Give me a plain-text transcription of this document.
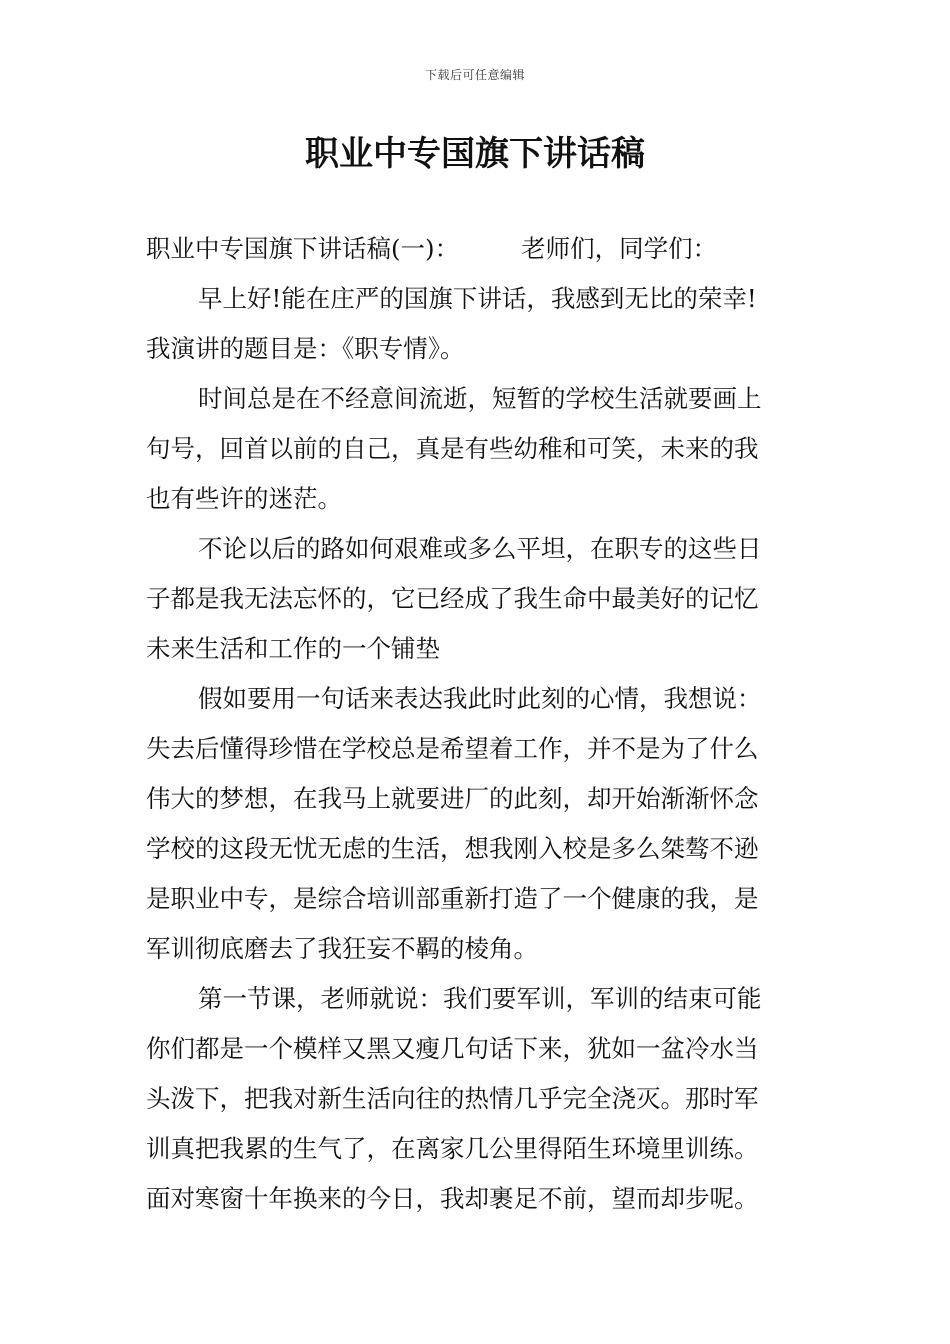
下载后可任意编辑
职业中专国旗下讲话稿
职业中专国旗下讲话稿(一)：	老师们，同学们：
早上好!能在庄严的国旗下讲话，我感到无比的荣幸!
我演讲的题目是：《职专情》。
时间总是在不经意间流逝，短暂的学校生活就要画上
句号，回首以前的自己，真是有些幼稚和可笑，未来的我
也有些许的迷茫。
不论以后的路如何艰难或多么平坦，在职专的这些日
子都是我无法忘怀的，它已经成了我生命中最美好的记忆
未来生活和工作的一个铺垫
假如要用一句话来表达我此时此刻的心情，我想说：
失去后懂得珍惜在学校总是希望着工作，并不是为了什么
伟大的梦想，在我马上就要进厂的此刻，却开始渐渐怀念
学校的这段无忧无虑的生活，想我刚入校是多么桀骜不逊
是职业中专，是综合培训部重新打造了一个健康的我，是
军训彻底磨去了我狂妄不羁的棱角。
第一节课，老师就说：我们要军训，军训的结束可能
你们都是一个模样又黑又瘦几句话下来，犹如一盆冷水当
头泼下，把我对新生活向往的热情几乎完全浇灭。那时军
训真把我累的生气了，在离家几公里得陌生环境里训练。
面对寒窗十年换来的今日，我却裹足不前，望而却步呢。
